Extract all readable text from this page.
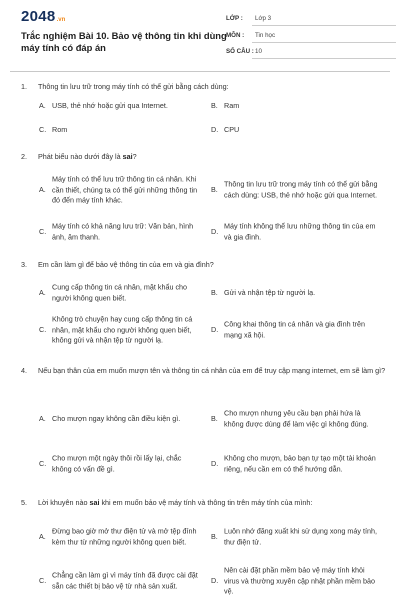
2048.vn
Trắc nghiệm Bài 10. Bảo vệ thông tin khi dùng máy tính có đáp án
LỚP : Lớp 3
MÔN : Tin học
SỐ CÂU : 10
1. Thông tin lưu trữ trong máy tính có thể gửi bằng cách dùng:
A. USB, thẻ nhớ hoặc gửi qua Internet.	B. Ram
C. Rom	D. CPU
2. Phát biểu nào dưới đây là sai?
A.
Máy tính có thể lưu trữ thông tin cá nhân. Khi cần thiết, chúng ta có thể gửi những thông tin đó đến máy tính khác.
B.
Thông tin lưu trữ trong máy tính có thể gửi bằng cách dùng: USB, thẻ nhớ hoặc gửi qua Internet.
C.
Máy tính có khả năng lưu trữ: Văn bản, hình ảnh, âm thanh.
D.
Máy tính không thể lưu những thông tin của em và gia đình.
3. Em cần làm gì để bảo vệ thông tin của em và gia đình?
A.
Cung cấp thông tin cá nhân, mật khẩu cho người không quen biết.
B. Gửi và nhận tệp từ người lạ.
C.
Không trò chuyện hay cung cấp thông tin cá nhân, mật khẩu cho người không quen biết, không gửi và nhận tệp từ người lạ.
D.
Công khai thông tin cá nhân và gia đình trên mạng xã hội.
4. Nếu bạn thân của em muốn mượn tên và thông tin cá nhân của em để truy cập mạng internet, em sẽ làm gì?
A. Cho mượn ngay không cần điều kiện gì.	B.
Cho mượn nhưng yêu cầu bạn phải hứa là không được dùng để làm việc gì không đúng.
C.
Cho mượn một ngày thôi rồi lấy lại, chắc không có vấn đề gì.
D.
Không cho mượn, bảo bạn tự tạo một tài khoản riêng, nếu cần em có thể hướng dẫn.
5. Lời khuyên nào sai khi em muốn bảo vệ máy tính và thông tin trên máy tính của mình:
A.
Đừng bao giờ mở thư điện tử và mở tệp đính kèm thư từ những người không quen biết.
B.
Luôn nhớ đăng xuất khi sử dụng xong máy tính, thư điện tử.
C.
Chẳng cần làm gì vì máy tính đã được cài đặt sẵn các thiết bị bảo vệ từ nhà sản xuất.
D.
Nên cài đặt phần mềm bảo vệ máy tính khỏi virus và thường xuyên cập nhật phần mềm bảo vệ.
